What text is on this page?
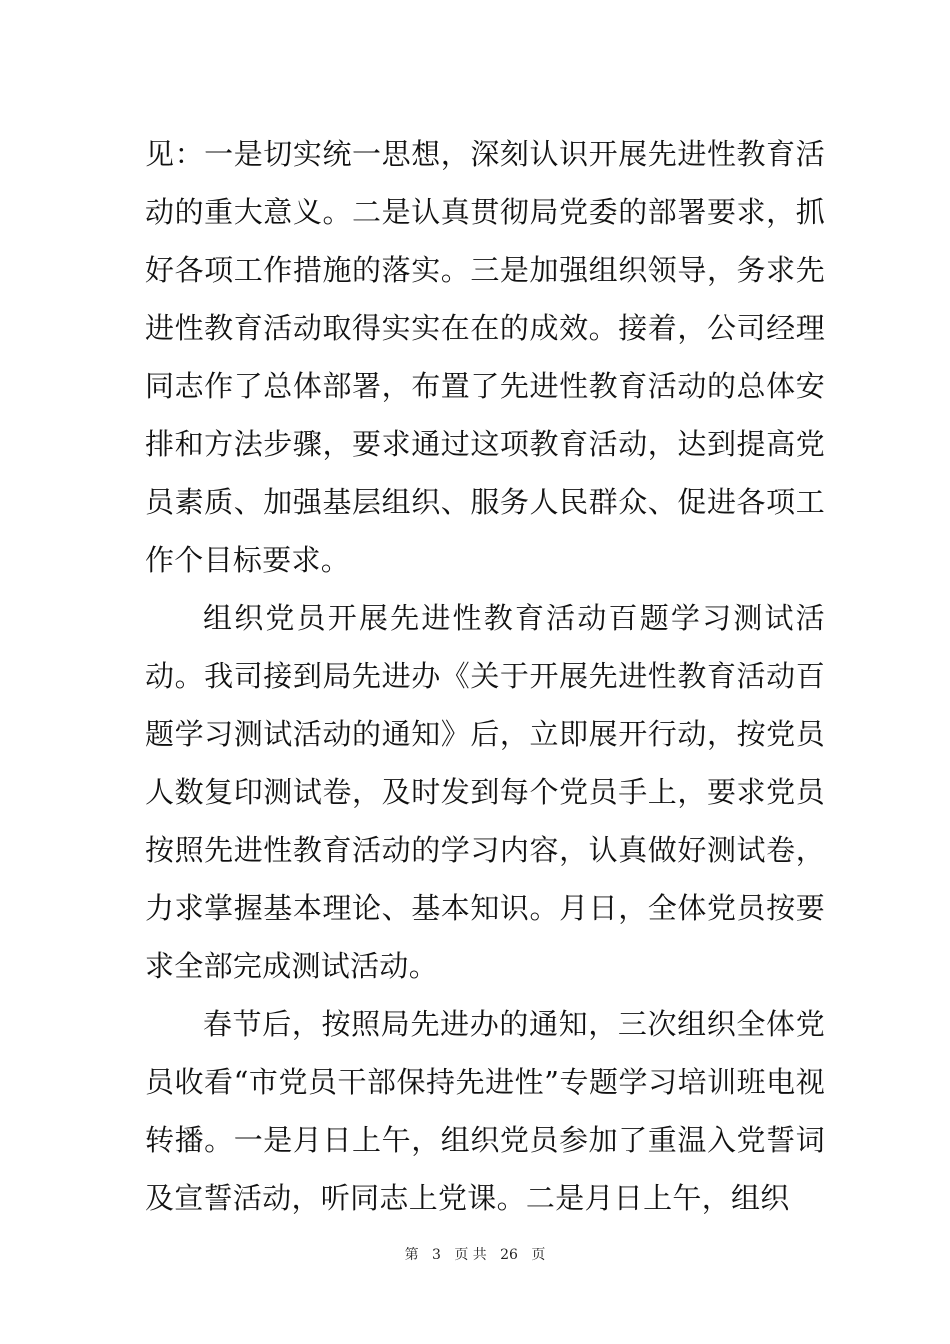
见：一是切实统一思想，深刻认识开展先进性教育活动的重大意义。二是认真贯彻局党委的部署要求，抓好各项工作措施的落实。三是加强组织领导，务求先进性教育活动取得实实在在的成效。接着，公司经理同志作了总体部署，布置了先进性教育活动的总体安排和方法步骤，要求通过这项教育活动，达到提高党员素质、加强基层组织、服务人民群众、促进各项工作个目标要求。

组织党员开展先进性教育活动百题学习测试活动。我司接到局先进办《关于开展先进性教育活动百题学习测试活动的通知》后，立即展开行动，按党员人数复印测试卷，及时发到每个党员手上，要求党员按照先进性教育活动的学习内容，认真做好测试卷，力求掌握基本理论、基本知识。月日，全体党员按要求全部完成测试活动。

春节后，按照局先进办的通知，三次组织全体党员收看“市党员干部保持先进性”专题学习培训班电视转播。一是月日上午，组织党员参加了重温入党誓词及宣誓活动，听同志上党课。二是月日上午，组织

第 3 页 共 26 页
